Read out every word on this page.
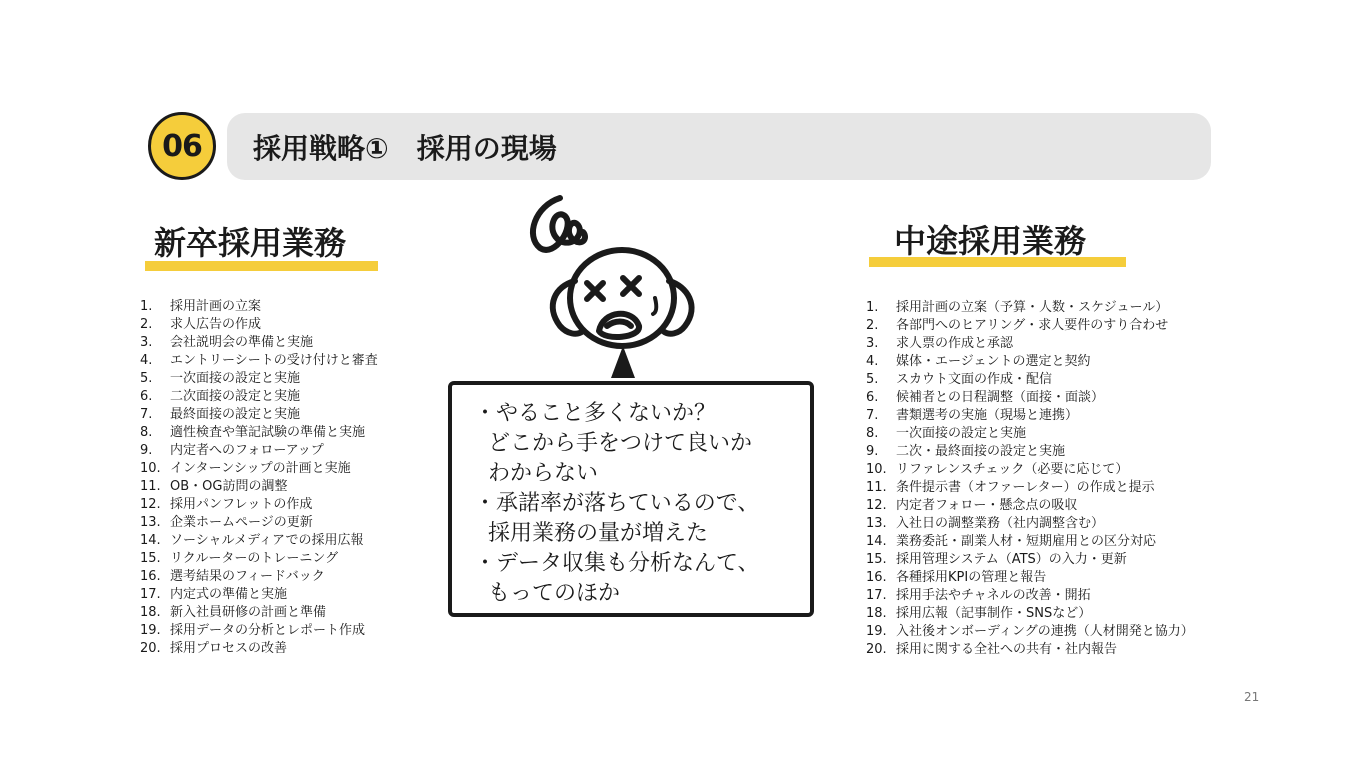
06	採用戦略①　採用の現場
新卒採用業務
1.	採用計画の立案
2.	求人広告の作成
3.	会社説明会の準備と実施
4.	エントリーシートの受け付けと審査
5.	一次面接の設定と実施
6.	二次面接の設定と実施
7.	最終面接の設定と実施
8.	適性検査や筆記試験の準備と実施
9.	内定者へのフォローアップ
10. インターンシップの計画と実施
11. OB・OG訪問の調整
12. 採用パンフレットの作成
13. 企業ホームページの更新
14. ソーシャルメディアでの採用広報
15. リクルーターのトレーニング
16. 選考結果のフィードバック
17. 内定式の準備と実施
18. 新入社員研修の計画と準備
19. 採用データの分析とレポート作成
20. 採用プロセスの改善
・やること多くないか？
どこから手をつけて良いか
わからない
・承諾率が落ちているので、
採用業務の量が増えた
・データ収集も分析なんて、
もってのほか
中途採用業務
1.	採用計画の立案（予算・人数・スケジュール）
2.	各部門へのヒアリング・求人要件のすり合わせ
3.	求人票の作成と承認
4.	媒体・エージェントの選定と契約
5.	スカウト文面の作成・配信
6.	候補者との日程調整（面接・面談）
7.	書類選考の実施（現場と連携）
8.	一次面接の設定と実施
9.	二次・最終面接の設定と実施
10. リファレンスチェック（必要に応じて）
11. 条件提示書（オファーレター）の作成と提示
12. 内定者フォロー・懸念点の吸収
13. 入社日の調整業務（社内調整含む）
14. 業務委託・副業人材・短期雇用との区分対応
15. 採用管理システム（ATS）の入力・更新
16. 各種採用KPIの管理と報告
17. 採用手法やチャネルの改善・開拓
18. 採用広報（記事制作・SNSなど）
19. 入社後オンボーディングの連携（人材開発と協力）
20. 採用に関する全社への共有・社内報告
21
